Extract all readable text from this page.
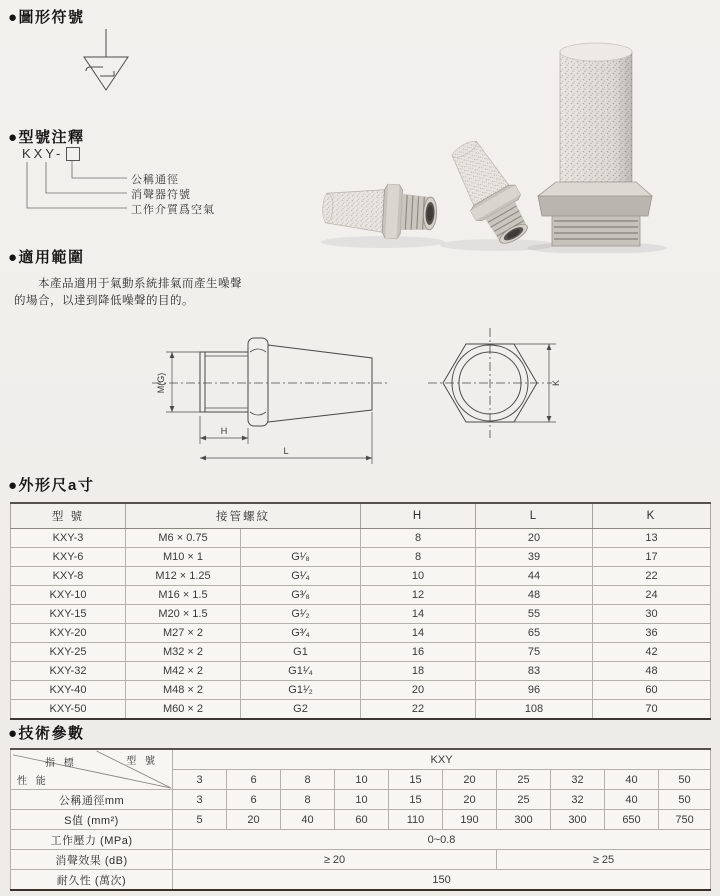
●圖形符號
●型號注釋
●適用範圍
●外形尺a寸
●技術參數
KXY
-
公稱通徑
消聲器符號
工作介質爲空氣
本產品適用于氣動系統排氣而產生噪聲
的場合，以達到降低噪聲的目的。
M(G)
H
L
K
型 號	接管螺紋		H	L	K
KXY-3	M6 × 0.75		8	20	13
KXY-6	M10 × 1	G¹⁄₈	8	39	17
KXY-8	M12 × 1.25	G¹⁄₄	10	44	22
KXY-10	M16 × 1.5	G³⁄₈	12	48	24
KXY-15	M20 × 1.5	G¹⁄₂	14	55	30
KXY-20	M27 × 2	G³⁄₄	14	65	36
KXY-25	M32 × 2	G1	16	75	42
KXY-32	M42 × 2	G1¹⁄₄	18	83	48
KXY-40	M48 × 2	G1¹⁄₂	20	96	60
KXY-50	M60 × 2	G2	22	108	70
型 號
指 標
性 能	KXY									
	3	6	8	10	15	20	25	32	40	50
公稱通徑mm	3	6	8	10	15	20	25	32	40	50
S值 (mm²)	5	20	40	60	110	190	300	300	650	750
工作壓力 (MPa)	0~0.8									
消聲效果 (dB)	≥ 20						≥ 25			
耐久性 (萬次)	150									
